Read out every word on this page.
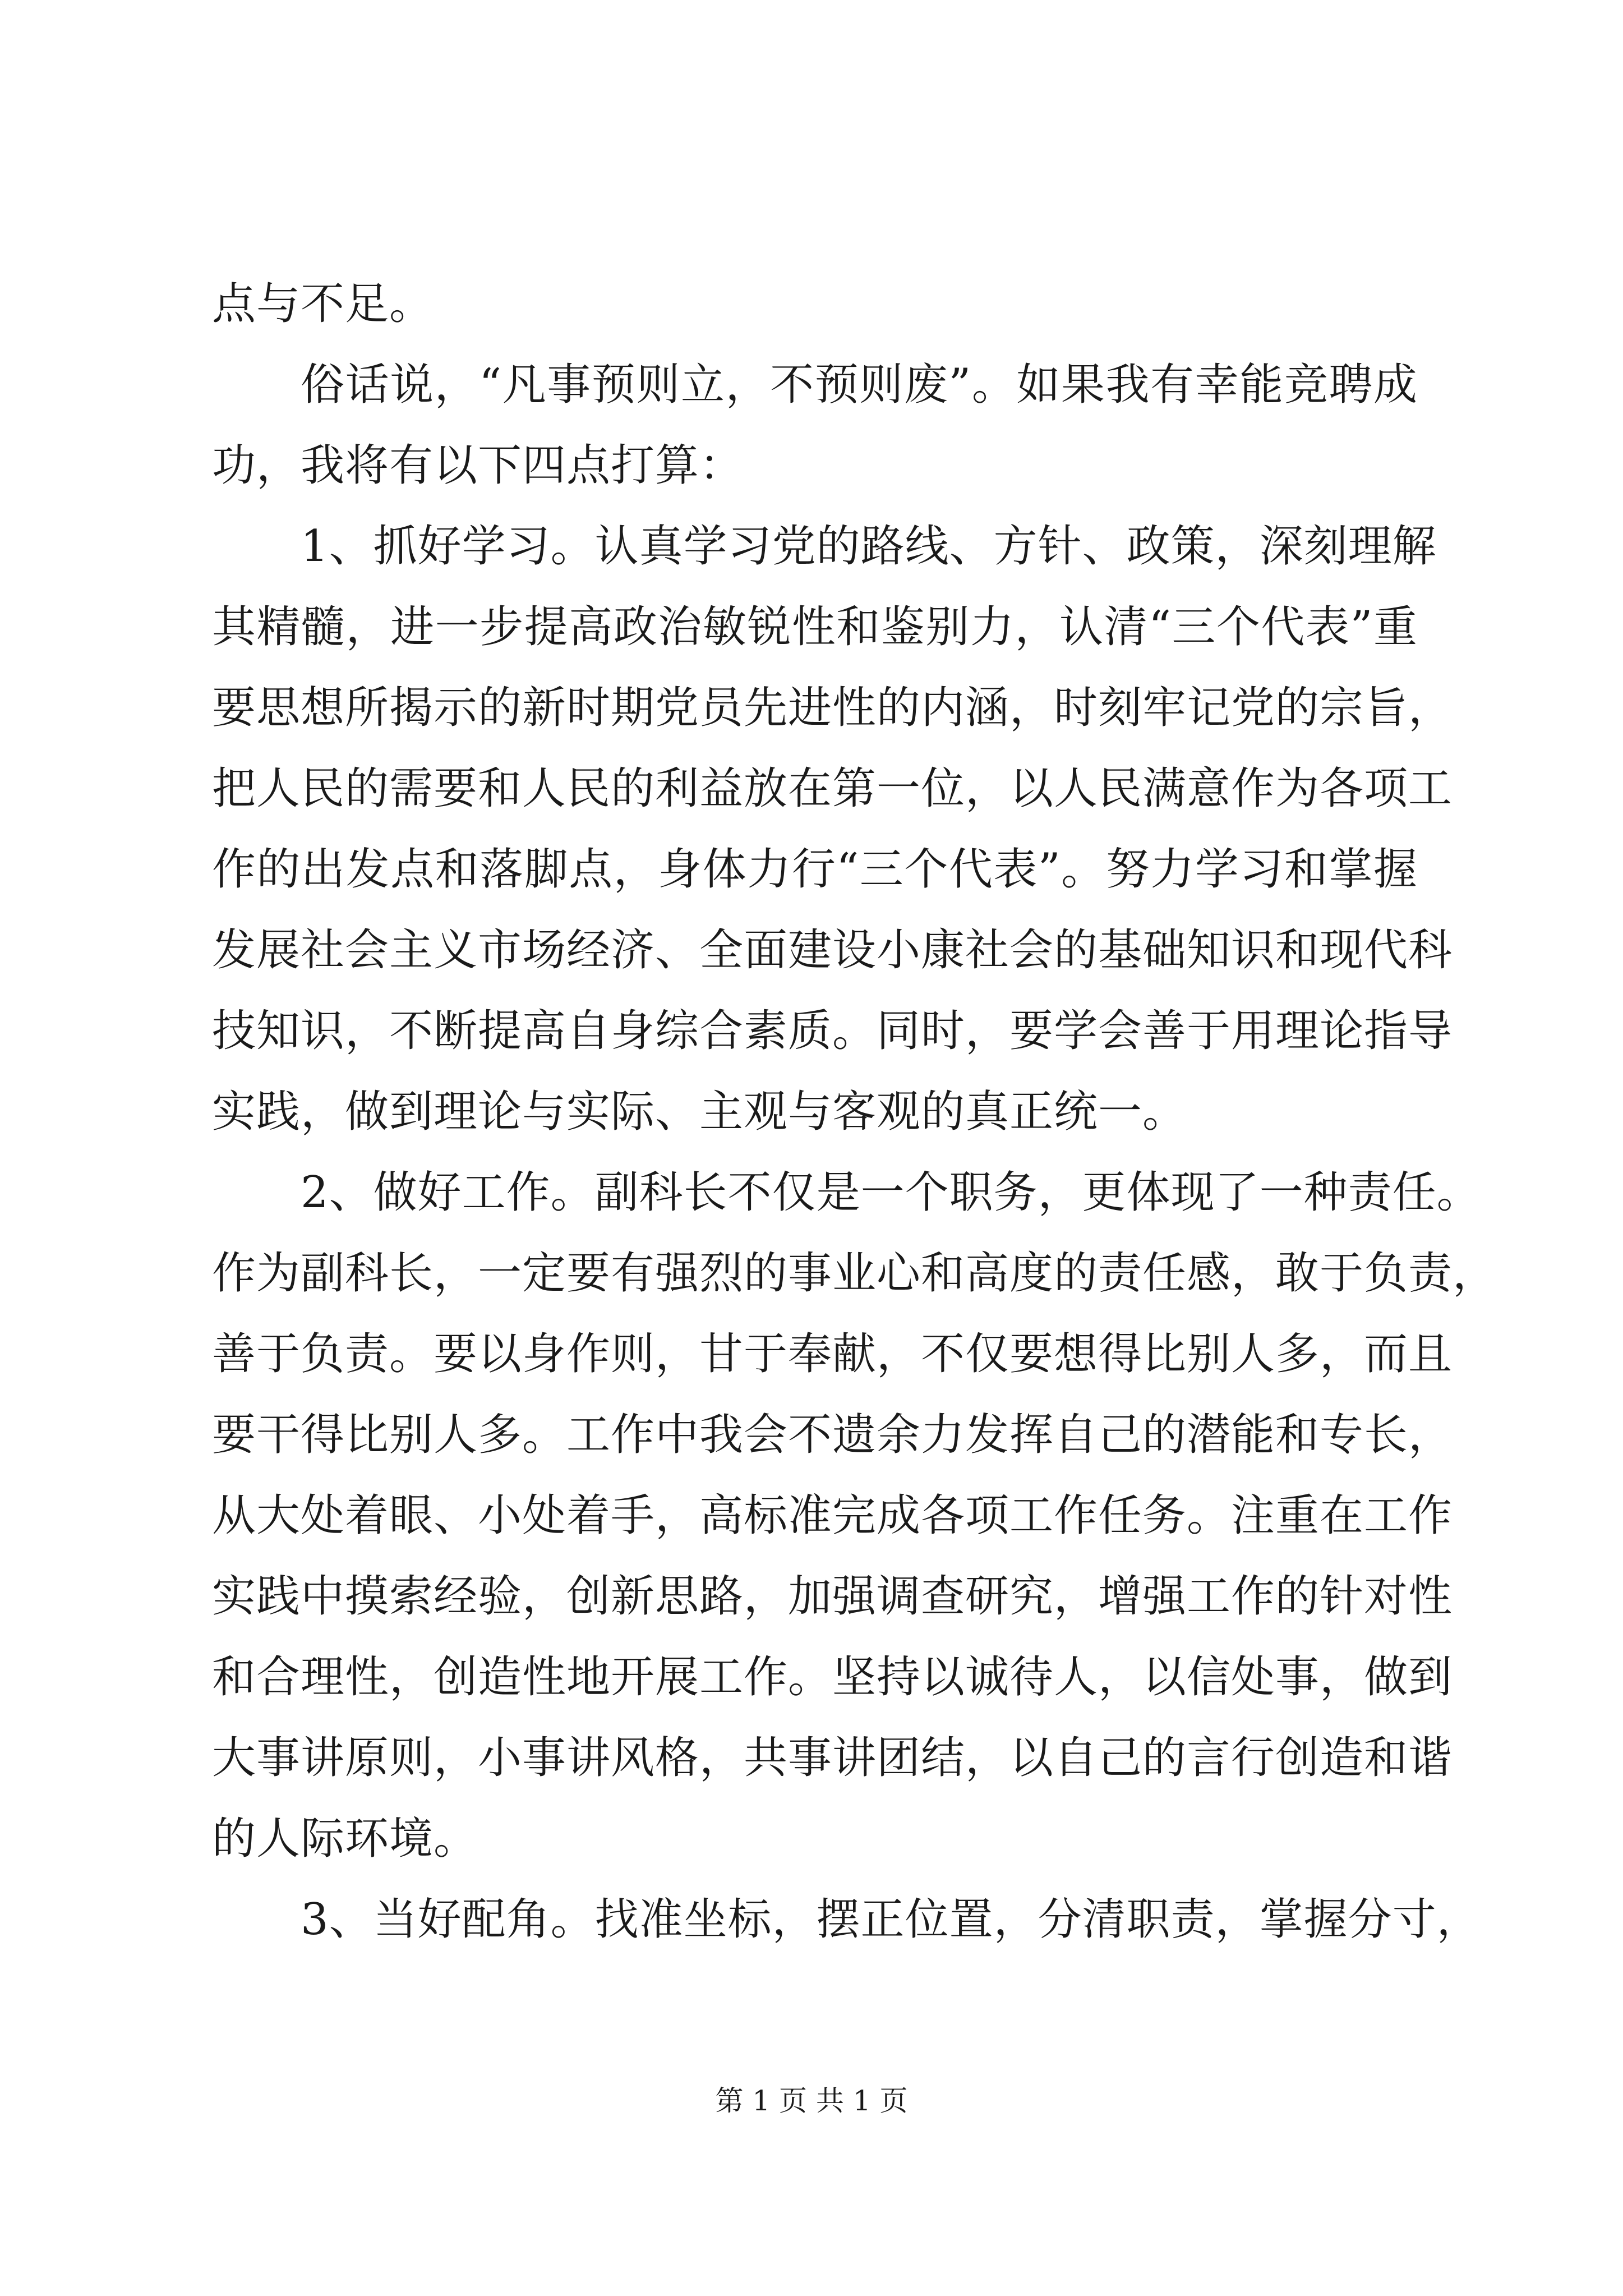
点与不足。
俗话说，“凡事预则立，不预则废”。如果我有幸能竞聘成
功，我将有以下四点打算：
1、抓好学习。认真学习党的路线、方针、政策，深刻理解
其精髓，进一步提高政治敏锐性和鉴别力，认清“三个代表”重
要思想所揭示的新时期党员先进性的内涵，时刻牢记党的宗旨，
把人民的需要和人民的利益放在第一位，以人民满意作为各项工
作的出发点和落脚点，身体力行“三个代表”。努力学习和掌握
发展社会主义市场经济、全面建设小康社会的基础知识和现代科
技知识，不断提高自身综合素质。同时，要学会善于用理论指导
实践，做到理论与实际、主观与客观的真正统一。
2、做好工作。副科长不仅是一个职务，更体现了一种责任。
作为副科长，一定要有强烈的事业心和高度的责任感，敢于负责，
善于负责。要以身作则，甘于奉献，不仅要想得比别人多，而且
要干得比别人多。工作中我会不遗余力发挥自己的潜能和专长，
从大处着眼、小处着手，高标准完成各项工作任务。注重在工作
实践中摸索经验，创新思路，加强调查研究，增强工作的针对性
和合理性，创造性地开展工作。坚持以诚待人，以信处事，做到
大事讲原则，小事讲风格，共事讲团结，以自己的言行创造和谐
的人际环境。
3、当好配角。找准坐标，摆正位置，分清职责，掌握分寸，
第 1 页 共 1 页
